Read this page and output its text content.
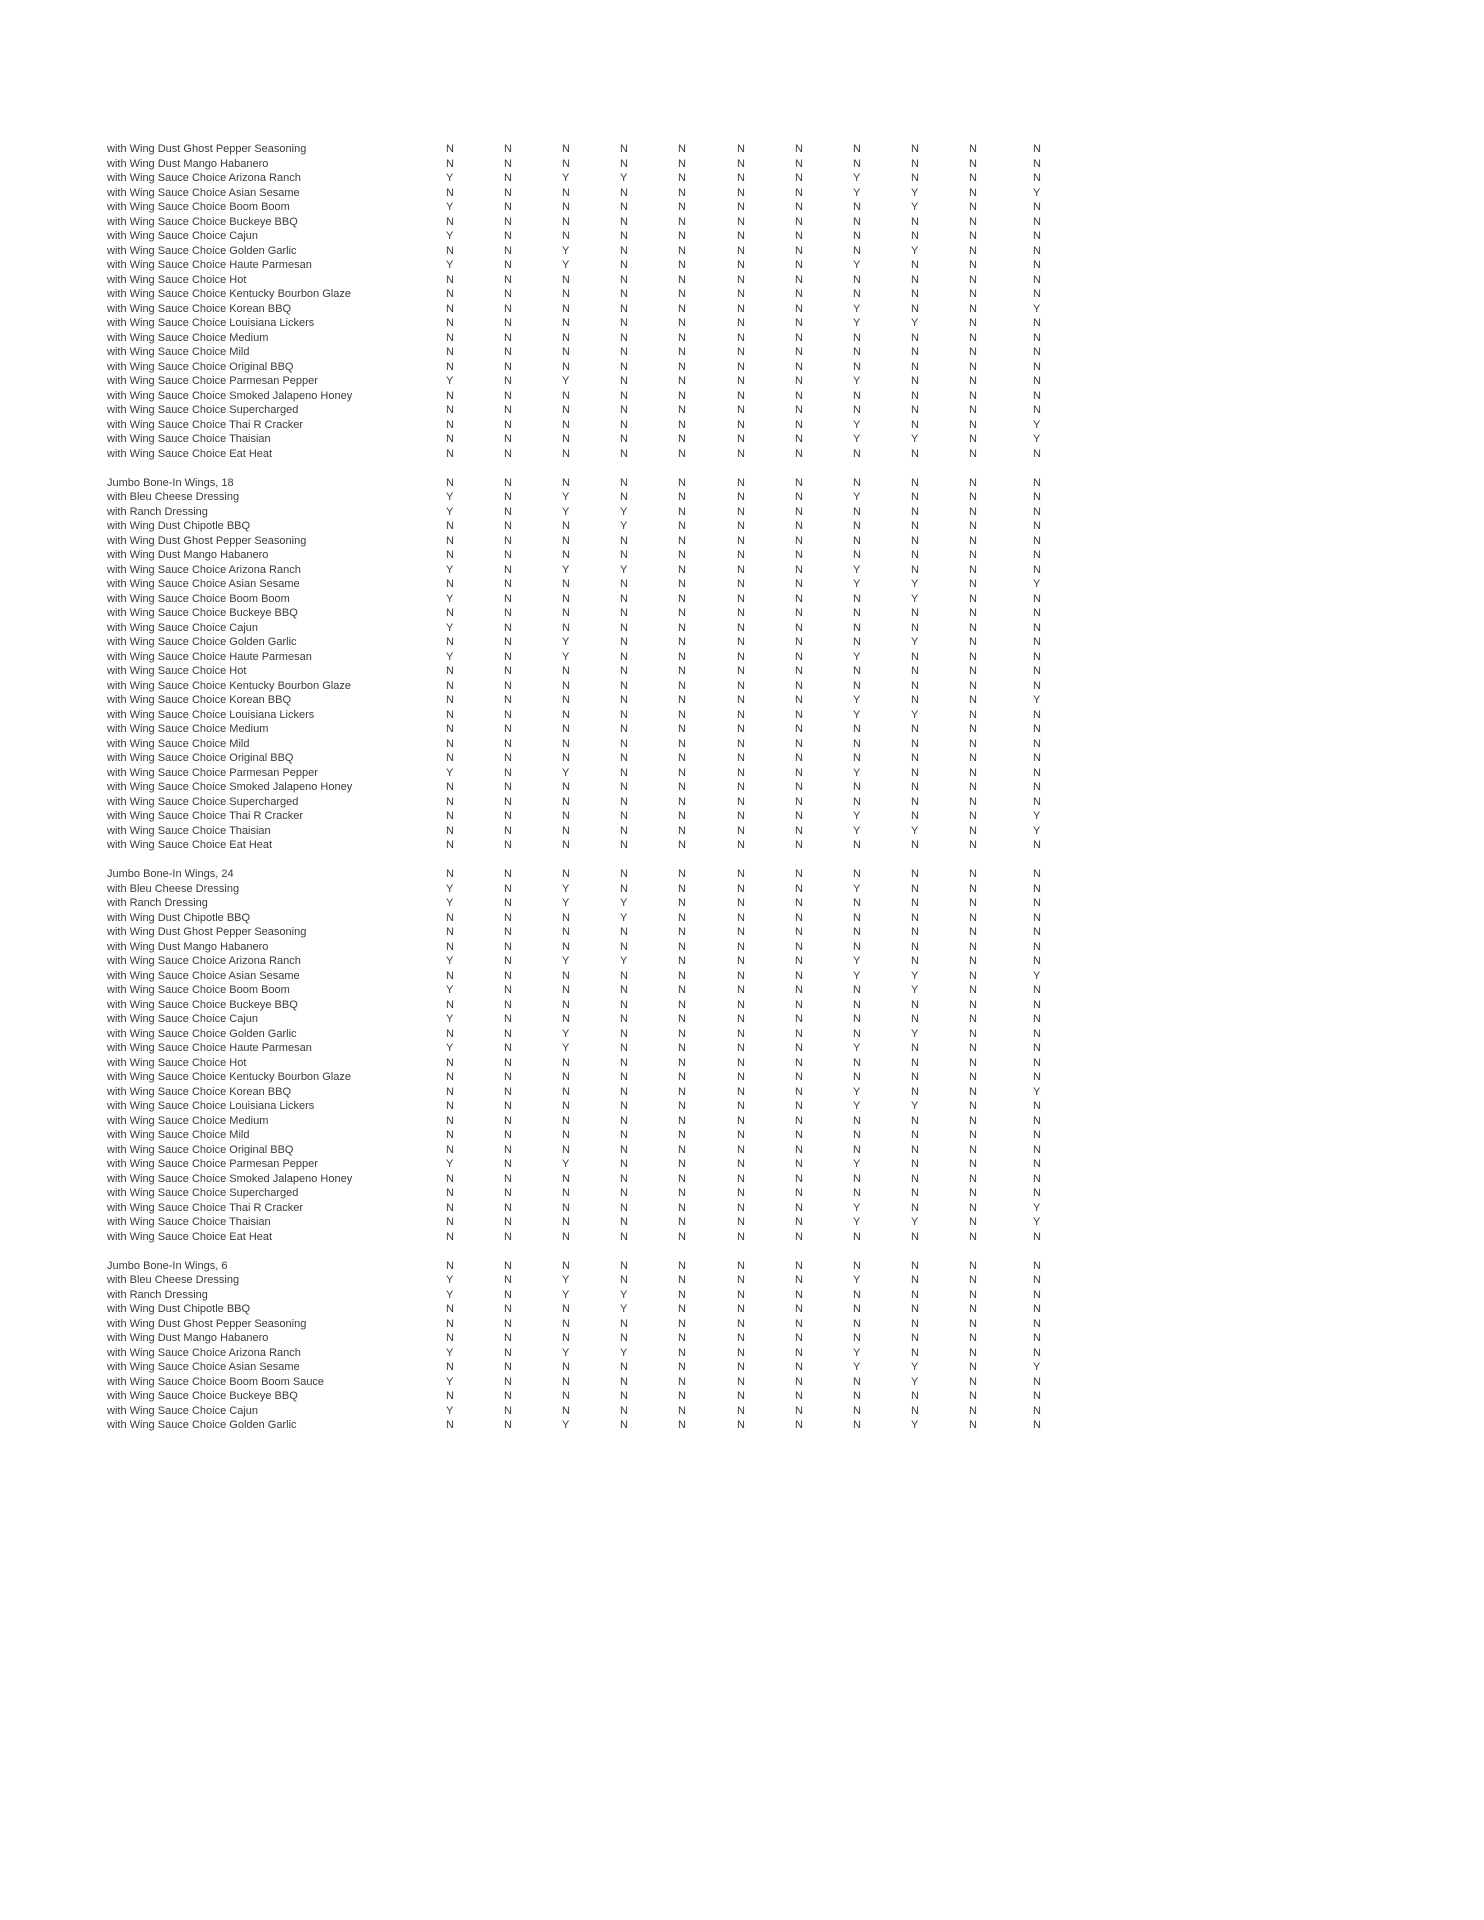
with Wing Dust Ghost Pepper Seasoning	N	N	N	N	N	N	N	N	N	N	N
with Wing Dust Mango Habanero	N	N	N	N	N	N	N	N	N	N	N
with Wing Sauce Choice Arizona Ranch	Y	N	Y	Y	N	N	N	Y	N	N	N
with Wing Sauce Choice Asian Sesame	N	N	N	N	N	N	N	Y	Y	N	Y
with Wing Sauce Choice Boom Boom	Y	N	N	N	N	N	N	N	Y	N	N
with Wing Sauce Choice Buckeye BBQ	N	N	N	N	N	N	N	N	N	N	N
with Wing Sauce Choice Cajun	Y	N	N	N	N	N	N	N	N	N	N
with Wing Sauce Choice Golden Garlic	N	N	Y	N	N	N	N	N	Y	N	N
with Wing Sauce Choice Haute Parmesan	Y	N	Y	N	N	N	N	Y	N	N	N
with Wing Sauce Choice Hot	N	N	N	N	N	N	N	N	N	N	N
with Wing Sauce Choice Kentucky Bourbon Glaze	N	N	N	N	N	N	N	N	N	N	N
with Wing Sauce Choice Korean BBQ	N	N	N	N	N	N	N	Y	N	N	Y
with Wing Sauce Choice Louisiana Lickers	N	N	N	N	N	N	N	Y	Y	N	N
with Wing Sauce Choice Medium	N	N	N	N	N	N	N	N	N	N	N
with Wing Sauce Choice Mild	N	N	N	N	N	N	N	N	N	N	N
with Wing Sauce Choice Original BBQ	N	N	N	N	N	N	N	N	N	N	N
with Wing Sauce Choice Parmesan Pepper	Y	N	Y	N	N	N	N	Y	N	N	N
with Wing Sauce Choice Smoked Jalapeno Honey	N	N	N	N	N	N	N	N	N	N	N
with Wing Sauce Choice Supercharged	N	N	N	N	N	N	N	N	N	N	N
with Wing Sauce Choice Thai R Cracker	N	N	N	N	N	N	N	Y	N	N	Y
with Wing Sauce Choice Thaisian	N	N	N	N	N	N	N	Y	Y	N	Y
with Wing Sauce Choice Eat Heat	N	N	N	N	N	N	N	N	N	N	N
Jumbo Bone-In Wings, 18	N	N	N	N	N	N	N	N	N	N	N
with Bleu Cheese Dressing	Y	N	Y	N	N	N	N	Y	N	N	N
with Ranch Dressing	Y	N	Y	Y	N	N	N	N	N	N	N
with Wing Dust Chipotle BBQ	N	N	N	Y	N	N	N	N	N	N	N
with Wing Dust Ghost Pepper Seasoning	N	N	N	N	N	N	N	N	N	N	N
with Wing Dust Mango Habanero	N	N	N	N	N	N	N	N	N	N	N
with Wing Sauce Choice Arizona Ranch	Y	N	Y	Y	N	N	N	Y	N	N	N
with Wing Sauce Choice Asian Sesame	N	N	N	N	N	N	N	Y	Y	N	Y
with Wing Sauce Choice Boom Boom	Y	N	N	N	N	N	N	N	Y	N	N
with Wing Sauce Choice Buckeye BBQ	N	N	N	N	N	N	N	N	N	N	N
with Wing Sauce Choice Cajun	Y	N	N	N	N	N	N	N	N	N	N
with Wing Sauce Choice Golden Garlic	N	N	Y	N	N	N	N	N	Y	N	N
with Wing Sauce Choice Haute Parmesan	Y	N	Y	N	N	N	N	Y	N	N	N
with Wing Sauce Choice Hot	N	N	N	N	N	N	N	N	N	N	N
with Wing Sauce Choice Kentucky Bourbon Glaze	N	N	N	N	N	N	N	N	N	N	N
with Wing Sauce Choice Korean BBQ	N	N	N	N	N	N	N	Y	N	N	Y
with Wing Sauce Choice Louisiana Lickers	N	N	N	N	N	N	N	Y	Y	N	N
with Wing Sauce Choice Medium	N	N	N	N	N	N	N	N	N	N	N
with Wing Sauce Choice Mild	N	N	N	N	N	N	N	N	N	N	N
with Wing Sauce Choice Original BBQ	N	N	N	N	N	N	N	N	N	N	N
with Wing Sauce Choice Parmesan Pepper	Y	N	Y	N	N	N	N	Y	N	N	N
with Wing Sauce Choice Smoked Jalapeno Honey	N	N	N	N	N	N	N	N	N	N	N
with Wing Sauce Choice Supercharged	N	N	N	N	N	N	N	N	N	N	N
with Wing Sauce Choice Thai R Cracker	N	N	N	N	N	N	N	Y	N	N	Y
with Wing Sauce Choice Thaisian	N	N	N	N	N	N	N	Y	Y	N	Y
with Wing Sauce Choice Eat Heat	N	N	N	N	N	N	N	N	N	N	N
Jumbo Bone-In Wings, 24	N	N	N	N	N	N	N	N	N	N	N
with Bleu Cheese Dressing	Y	N	Y	N	N	N	N	Y	N	N	N
with Ranch Dressing	Y	N	Y	Y	N	N	N	N	N	N	N
with Wing Dust Chipotle BBQ	N	N	N	Y	N	N	N	N	N	N	N
with Wing Dust Ghost Pepper Seasoning	N	N	N	N	N	N	N	N	N	N	N
with Wing Dust Mango Habanero	N	N	N	N	N	N	N	N	N	N	N
with Wing Sauce Choice Arizona Ranch	Y	N	Y	Y	N	N	N	Y	N	N	N
with Wing Sauce Choice Asian Sesame	N	N	N	N	N	N	N	Y	Y	N	Y
with Wing Sauce Choice Boom Boom	Y	N	N	N	N	N	N	N	Y	N	N
with Wing Sauce Choice Buckeye BBQ	N	N	N	N	N	N	N	N	N	N	N
with Wing Sauce Choice Cajun	Y	N	N	N	N	N	N	N	N	N	N
with Wing Sauce Choice Golden Garlic	N	N	Y	N	N	N	N	N	Y	N	N
with Wing Sauce Choice Haute Parmesan	Y	N	Y	N	N	N	N	Y	N	N	N
with Wing Sauce Choice Hot	N	N	N	N	N	N	N	N	N	N	N
with Wing Sauce Choice Kentucky Bourbon Glaze	N	N	N	N	N	N	N	N	N	N	N
with Wing Sauce Choice Korean BBQ	N	N	N	N	N	N	N	Y	N	N	Y
with Wing Sauce Choice Louisiana Lickers	N	N	N	N	N	N	N	Y	Y	N	N
with Wing Sauce Choice Medium	N	N	N	N	N	N	N	N	N	N	N
with Wing Sauce Choice Mild	N	N	N	N	N	N	N	N	N	N	N
with Wing Sauce Choice Original BBQ	N	N	N	N	N	N	N	N	N	N	N
with Wing Sauce Choice Parmesan Pepper	Y	N	Y	N	N	N	N	Y	N	N	N
with Wing Sauce Choice Smoked Jalapeno Honey	N	N	N	N	N	N	N	N	N	N	N
with Wing Sauce Choice Supercharged	N	N	N	N	N	N	N	N	N	N	N
with Wing Sauce Choice Thai R Cracker	N	N	N	N	N	N	N	Y	N	N	Y
with Wing Sauce Choice Thaisian	N	N	N	N	N	N	N	Y	Y	N	Y
with Wing Sauce Choice Eat Heat	N	N	N	N	N	N	N	N	N	N	N
Jumbo Bone-In Wings, 6	N	N	N	N	N	N	N	N	N	N	N
with Bleu Cheese Dressing	Y	N	Y	N	N	N	N	Y	N	N	N
with Ranch Dressing	Y	N	Y	Y	N	N	N	N	N	N	N
with Wing Dust Chipotle BBQ	N	N	N	Y	N	N	N	N	N	N	N
with Wing Dust Ghost Pepper Seasoning	N	N	N	N	N	N	N	N	N	N	N
with Wing Dust Mango Habanero	N	N	N	N	N	N	N	N	N	N	N
with Wing Sauce Choice Arizona Ranch	Y	N	Y	Y	N	N	N	Y	N	N	N
with Wing Sauce Choice Asian Sesame	N	N	N	N	N	N	N	Y	Y	N	Y
with Wing Sauce Choice Boom Boom Sauce	Y	N	N	N	N	N	N	N	Y	N	N
with Wing Sauce Choice Buckeye BBQ	N	N	N	N	N	N	N	N	N	N	N
with Wing Sauce Choice Cajun	Y	N	N	N	N	N	N	N	N	N	N
with Wing Sauce Choice Golden Garlic	N	N	Y	N	N	N	N	N	Y	N	N
